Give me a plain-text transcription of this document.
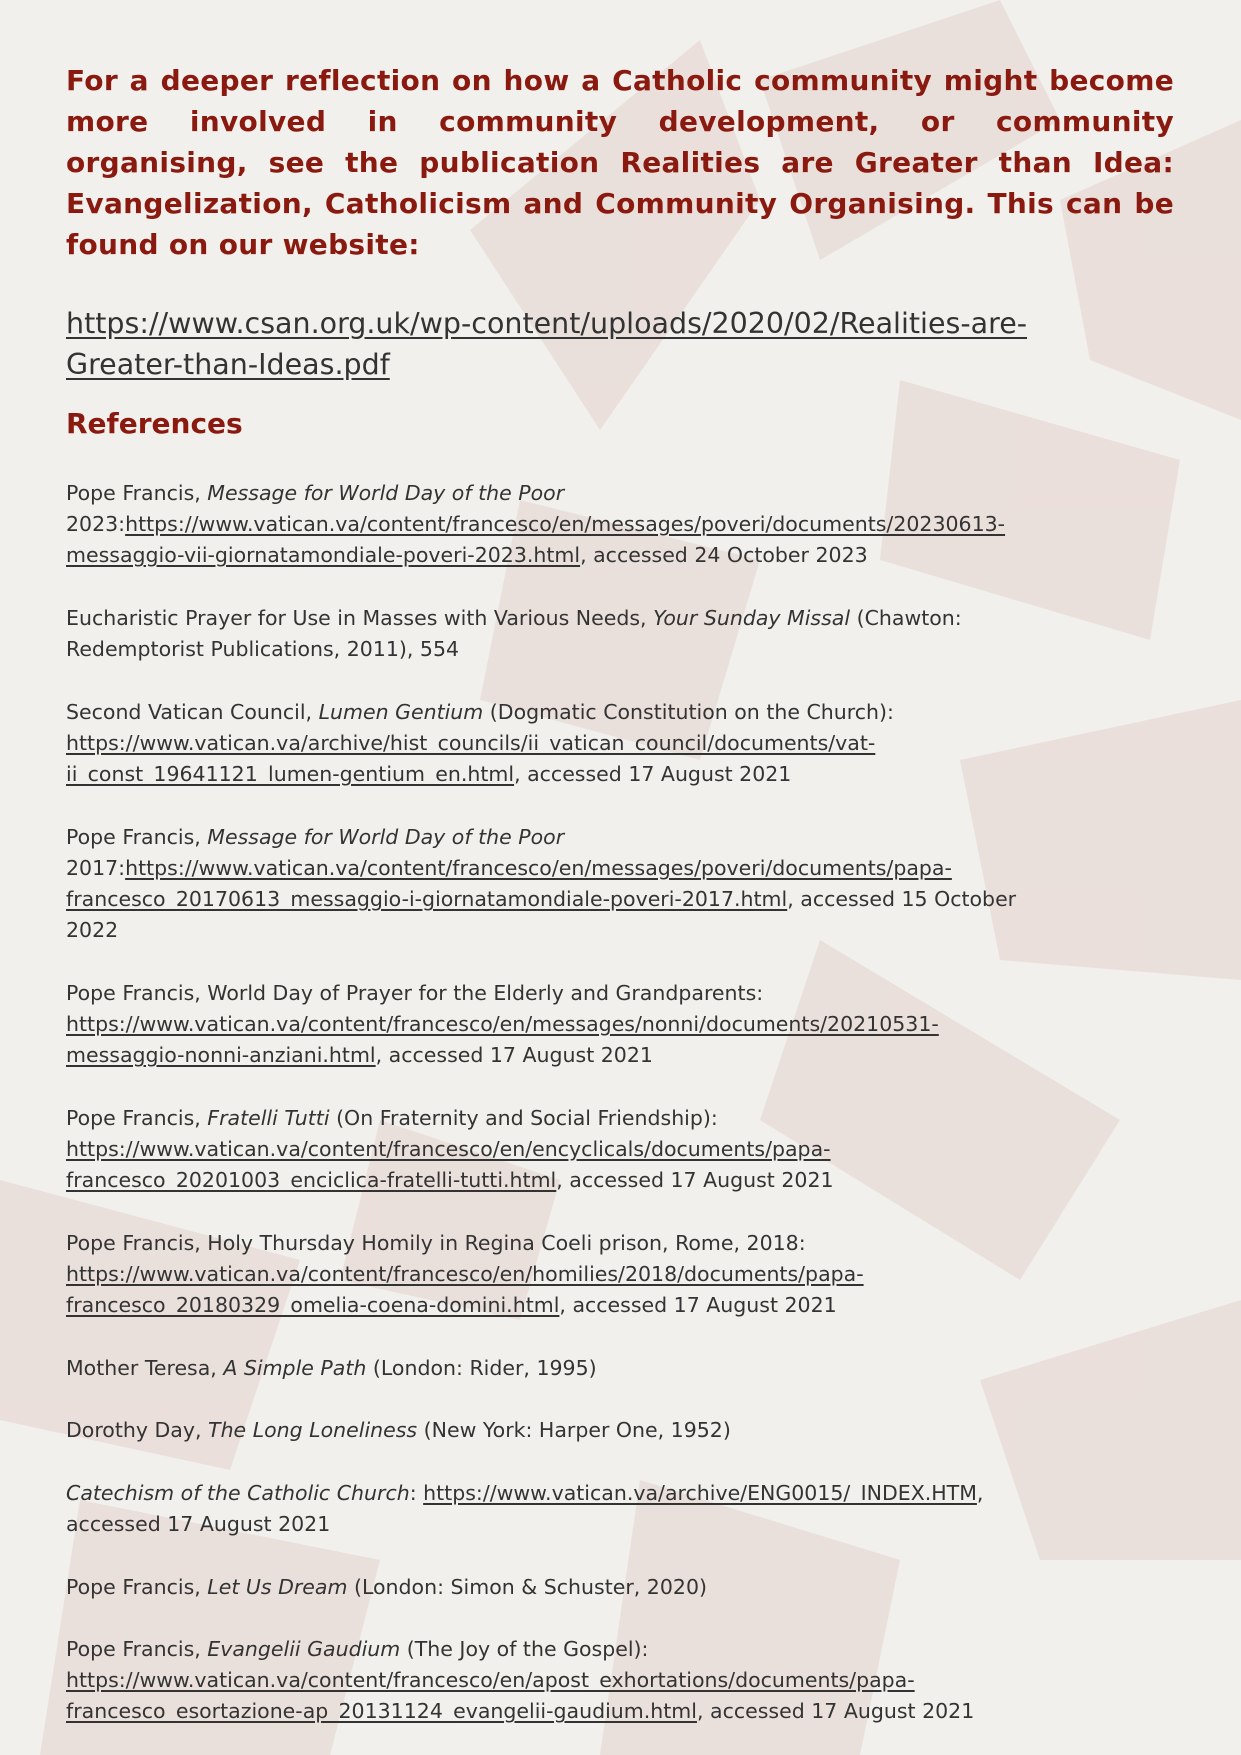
For a deeper reflection on how a Catholic community might become more involved in community development, or community organising, see the publication Realities are Greater than Idea: Evangelization, Catholicism and Community Organising. This can be found on our website:

https://www.csan.org.uk/wp-content/uploads/2020/02/Realities-are-
Greater-than-Ideas.pdf
References

Pope Francis, Message for World Day of the Poor
2023:https://www.vatican.va/content/francesco/en/messages/poveri/documents/20230613-
messaggio-vii-giornatamondiale-poveri-2023.html, accessed 24 October 2023

Eucharistic Prayer for Use in Masses with Various Needs, Your Sunday Missal (Chawton:
Redemptorist Publications, 2011), 554

Second Vatican Council, Lumen Gentium (Dogmatic Constitution on the Church):
https://www.vatican.va/archive/hist_councils/ii_vatican_council/documents/vat-
ii_const_19641121_lumen-gentium_en.html, accessed 17 August 2021

Pope Francis, Message for World Day of the Poor
2017:https://www.vatican.va/content/francesco/en/messages/poveri/documents/papa-
francesco_20170613_messaggio-i-giornatamondiale-poveri-2017.html, accessed 15 October
2022

Pope Francis, World Day of Prayer for the Elderly and Grandparents:
https://www.vatican.va/content/francesco/en/messages/nonni/documents/20210531-
messaggio-nonni-anziani.html, accessed 17 August 2021

Pope Francis, Fratelli Tutti (On Fraternity and Social Friendship):
https://www.vatican.va/content/francesco/en/encyclicals/documents/papa-
francesco_20201003_enciclica-fratelli-tutti.html, accessed 17 August 2021

Pope Francis, Holy Thursday Homily in Regina Coeli prison, Rome, 2018:
https://www.vatican.va/content/francesco/en/homilies/2018/documents/papa-
francesco_20180329_omelia-coena-domini.html, accessed 17 August 2021

Mother Teresa, A Simple Path (London: Rider, 1995)

Dorothy Day, The Long Loneliness (New York: Harper One, 1952)

Catechism of the Catholic Church: https://www.vatican.va/archive/ENG0015/_INDEX.HTM,
accessed 17 August 2021

Pope Francis, Let Us Dream (London: Simon & Schuster, 2020)

Pope Francis, Evangelii Gaudium (The Joy of the Gospel):
https://www.vatican.va/content/francesco/en/apost_exhortations/documents/papa-
francesco_esortazione-ap_20131124_evangelii-gaudium.html, accessed 17 August 2021
